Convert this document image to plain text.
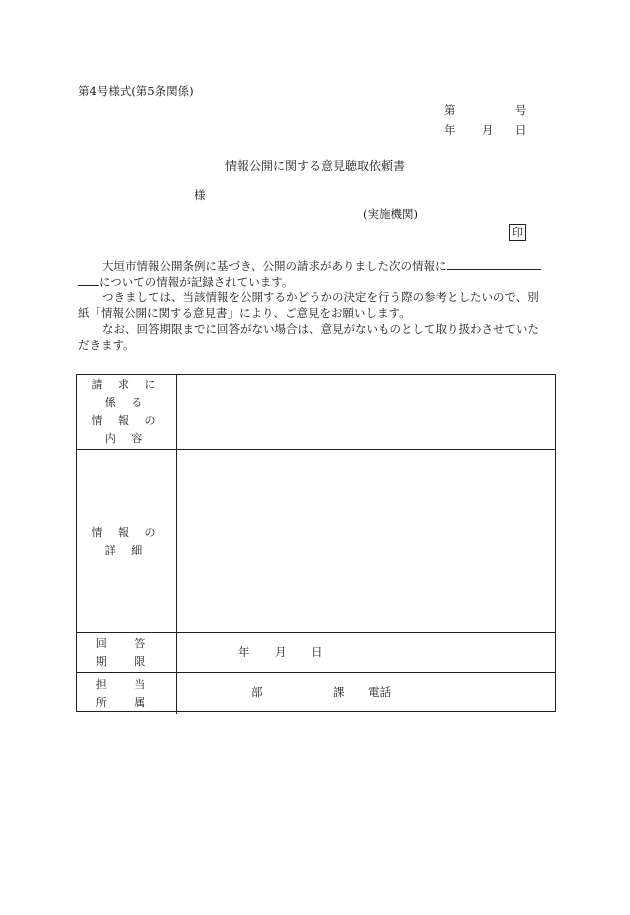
第4号様式(第5条関係)
第	号
年 月 日
情報公開に関する意見聴取依頼書
様
(実施機関)
印

大垣市情報公開条例に基づき、公開の請求がありました次の情報に
についての情報が記録されています。
つきましては、当該情報を公開するかどうかの決定を行う際の参考としたいので、別
紙「情報公開に関する意見書」により、ご意見をお願いします。
なお、回答期限までに回答がない場合は、意見がないものとして取り扱わさせていた
だきます。

請 求 に 係 る
情 報 の 内 容
情 報 の 詳 細
回 答 期 限
年 月 日
担 当 所 属
部	課 電話
